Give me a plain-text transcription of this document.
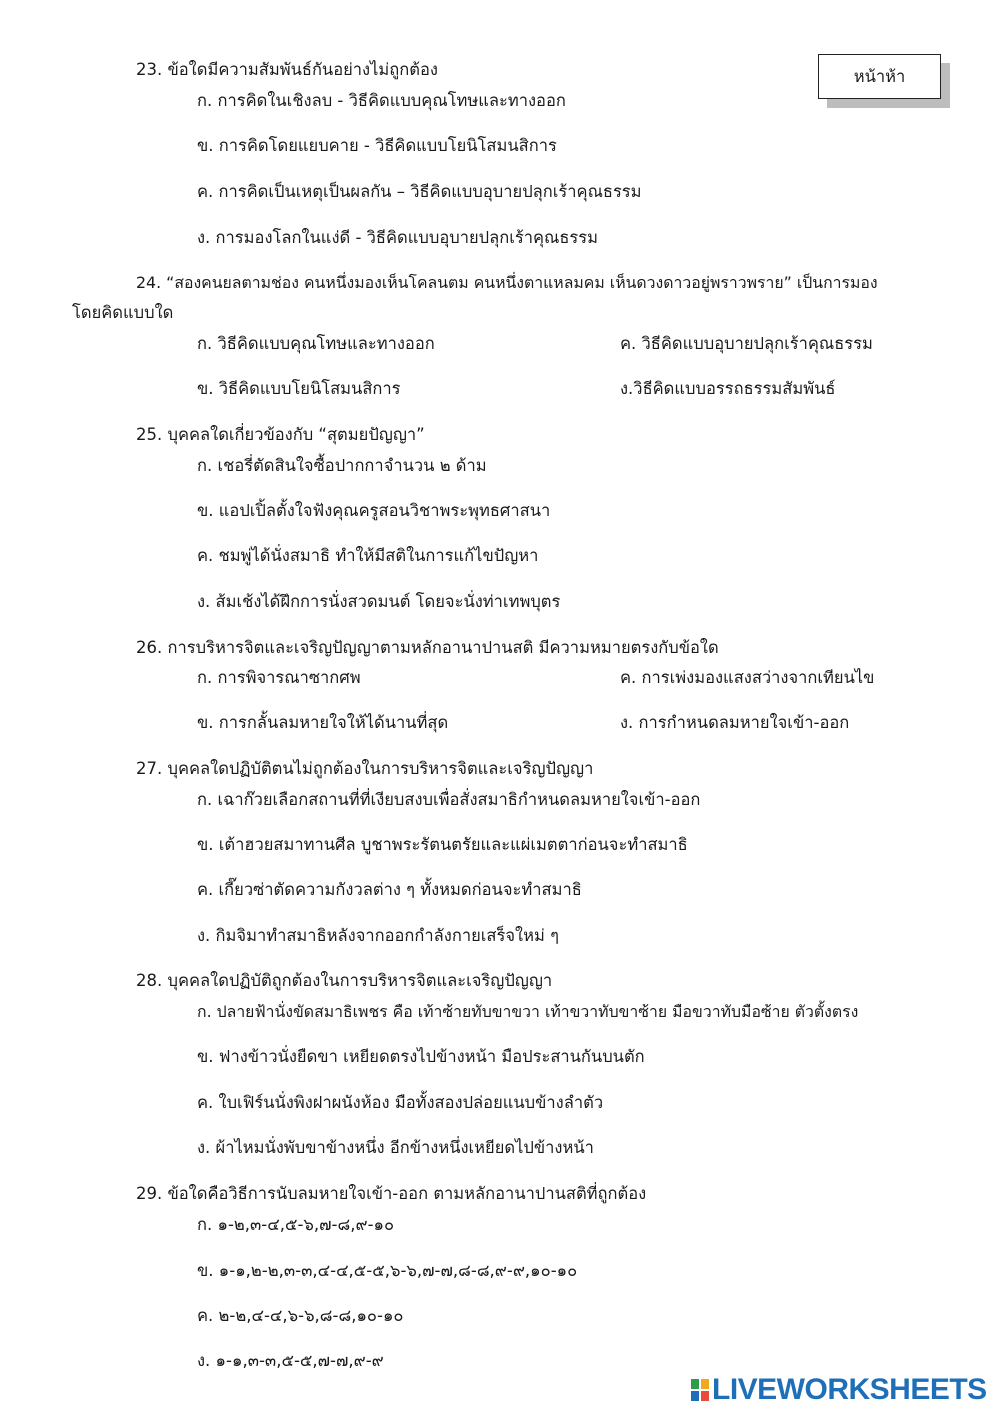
หน้าห้า
23. ข้อใดมีความสัมพันธ์กันอย่างไม่ถูกต้อง
ก. การคิดในเชิงลบ - วิธีคิดแบบคุณโทษและทางออก
ข. การคิดโดยแยบคาย - วิธีคิดแบบโยนิโสมนสิการ
ค. การคิดเป็นเหตุเป็นผลกัน – วิธีคิดแบบอุบายปลุกเร้าคุณธรรม
ง. การมองโลกในแง่ดี - วิธีคิดแบบอุบายปลุกเร้าคุณธรรม
24. “สองคนยลตามช่อง คนหนึ่งมองเห็นโคลนตม คนหนึ่งตาแหลมคม เห็นดวงดาวอยู่พราวพราย” เป็นการมอง
โดยคิดแบบใด
ก. วิธีคิดแบบคุณโทษและทางออก	ค. วิธีคิดแบบอุบายปลุกเร้าคุณธรรม
ข. วิธีคิดแบบโยนิโสมนสิการ	ง.วิธีคิดแบบอรรถธรรมสัมพันธ์
25. บุคคลใดเกี่ยวข้องกับ “สุตมยปัญญา”
ก. เชอรี่ตัดสินใจซื้อปากกาจำนวน ๒ ด้าม
ข. แอปเปิ้ลตั้งใจฟังคุณครูสอนวิชาพระพุทธศาสนา
ค. ชมพู่ได้นั่งสมาธิ ทำให้มีสติในการแก้ไขปัญหา
ง. ส้มเช้งได้ฝึกการนั่งสวดมนต์ โดยจะนั่งท่าเทพบุตร
26. การบริหารจิตและเจริญปัญญาตามหลักอานาปานสติ มีความหมายตรงกับข้อใด
ก. การพิจารณาซากศพ	ค. การเพ่งมองแสงสว่างจากเทียนไข
ข. การกลั้นลมหายใจให้ได้นานที่สุด	ง. การกำหนดลมหายใจเข้า-ออก
27. บุคคลใดปฏิบัติตนไม่ถูกต้องในการบริหารจิตและเจริญปัญญา
ก. เฉาก๊วยเลือกสถานที่ที่เงียบสงบเพื่อสั่งสมาธิกำหนดลมหายใจเข้า-ออก
ข. เต้าฮวยสมาทานศีล บูชาพระรัตนตรัยและแผ่เมตตาก่อนจะทำสมาธิ
ค. เกี๊ยวซ่าตัดความกังวลต่าง ๆ ทั้งหมดก่อนจะทำสมาธิ
ง. กิมจิมาทำสมาธิหลังจากออกกำลังกายเสร็จใหม่ ๆ
28. บุคคลใดปฏิบัติถูกต้องในการบริหารจิตและเจริญปัญญา
ก. ปลายฟ้านั่งขัดสมาธิเพชร คือ เท้าซ้ายทับขาขวา เท้าขวาทับขาซ้าย มือขวาทับมือซ้าย ตัวตั้งตรง
ข. ฟางข้าวนั่งยืดขา เหยียดตรงไปข้างหน้า มือประสานกันบนตัก
ค. ใบเฟิร์นนั่งพิงฝาผนังห้อง มือทั้งสองปล่อยแนบข้างลำตัว
ง. ผ้าไหมนั่งพับขาข้างหนึ่ง อีกข้างหนึ่งเหยียดไปข้างหน้า
29. ข้อใดคือวิธีการนับลมหายใจเข้า-ออก ตามหลักอานาปานสติที่ถูกต้อง
ก. ๑-๒,๓-๔,๕-๖,๗-๘,๙-๑๐
ข. ๑-๑,๒-๒,๓-๓,๔-๔,๕-๕,๖-๖,๗-๗,๘-๘,๙-๙,๑๐-๑๐
ค. ๒-๒,๔-๔,๖-๖,๘-๘,๑๐-๑๐
ง. ๑-๑,๓-๓,๕-๕,๗-๗,๙-๙
LIVEWORKSHEETS
